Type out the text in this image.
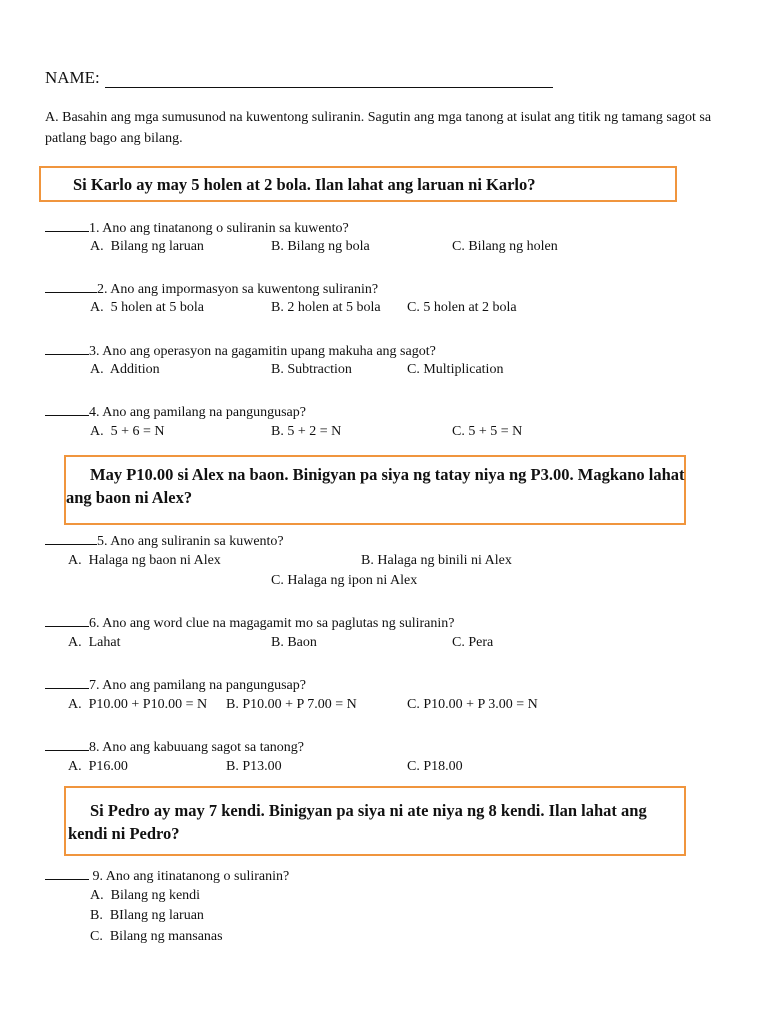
NAME:
A. Basahin ang mga sumusunod na kuwentong suliranin. Sagutin ang mga tanong at isulat ang titik ng tamang sagot sa patlang bago ang bilang.
Si Karlo ay may 5 holen at 2 bola. Ilan lahat ang laruan ni Karlo?
1. Ano ang tinatanong o suliranin sa kuwento?
A.  Bilang ng laruan	B. Bilang ng bola	C. Bilang ng holen
2. Ano ang impormasyon sa kuwentong suliranin?
A.  5 holen at 5 bola	B. 2 holen at 5 bola C. 5 holen at 2 bola
3. Ano ang operasyon na gagamitin upang makuha ang sagot?
A.  Addition	B. Subtraction	C. Multiplication
4. Ano ang pamilang na pangungusap?
A.  5 + 6 = N	B. 5 + 2 = N	C. 5 + 5 = N
May P10.00 si Alex na baon. Binigyan pa siya ng tatay niya ng P3.00. Magkano lahat ang baon ni Alex?
5. Ano ang suliranin sa kuwento?
A.  Halaga ng baon ni Alex	B. Halaga ng binili ni Alex
C. Halaga ng ipon ni Alex
6. Ano ang word clue na magagamit mo sa paglutas ng suliranin?
A.  Lahat	B. Baon	C. Pera
7. Ano ang pamilang na pangungusap?
A.  P10.00 + P10.00 = N B. P10.00 + P 7.00 = N	C. P10.00 + P 3.00 = N
8. Ano ang kabuuang sagot sa tanong?
A.  P16.00	B. P13.00	C. P18.00
Si Pedro ay may 7 kendi. Binigyan pa siya ni ate niya ng 8 kendi. Ilan lahat ang kendi ni Pedro?
9. Ano ang itinatanong o suliranin?
A.  Bilang ng kendi
B.  BIlang ng laruan
C.  Bilang ng mansanas
